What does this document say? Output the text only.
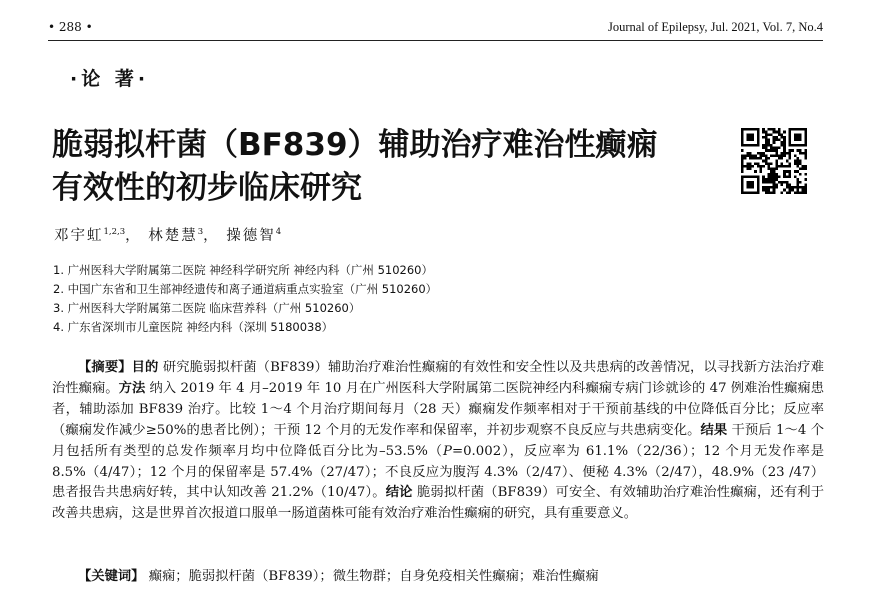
• 288 •	Journal of Epilepsy, Jul. 2021, Vol. 7, No.4
·论 著·
脆弱拟杆菌（BF839）辅助治疗难治性癫痫
有效性的初步临床研究
邓宇虹$^{1,2,3}$， 林楚慧$^3$， 操德智$^4$
1. 广州医科大学附属第二医院 神经科学研究所 神经内科（广州 510260）
2. 中国广东省和卫生部神经遗传和离子通道病重点实验室（广州 510260）
3. 广州医科大学附属第二医院 临床营养科（广州 510260）
4. 广东省深圳市儿童医院 神经内科（深圳 5180038）

【摘要】目的 研究脆弱拟杆菌（BF839）辅助治疗难治性癫痫的有效性和安全性以及共患病的改善情况，以寻找新方法治疗难治性癫痫。方法 纳入 2019 年 4 月–2019 年 10 月在广州医科大学附属第二医院神经内科癫痫专病门诊就诊的 47 例难治性癫痫患者，辅助添加 BF839 治疗。比较 1～4 个月治疗期间每月（28 天）癫痫发作频率相对于干预前基线的中位降低百分比；反应率（癫痫发作减少≥50%的患者比例）；干预 12 个月的无发作率和保留率，并初步观察不良反应与共患病变化。结果 干预后 1～4 个月包括所有类型的总发作频率月均中位降低百分比为–53.5%（P=0.002），反应率为 61.1%（22/36）；12 个月无发作率是 8.5%（4/47）；12 个月的保留率是 57.4%（27/47）；不良反应为腹泻 4.3%（2/47）、便秘 4.3%（2/47），48.9%（23 /47）患者报告共患病好转，其中认知改善 21.2%（10/47）。结论 脆弱拟杆菌（BF839）可安全、有效辅助治疗难治性癫痫，还有利于改善共患病，这是世界首次报道口服单一肠道菌株可能有效治疗难治性癫痫的研究，具有重要意义。

【关键词】 癫痫；脆弱拟杆菌（BF839）；微生物群；自身免疫相关性癫痫；难治性癫痫
